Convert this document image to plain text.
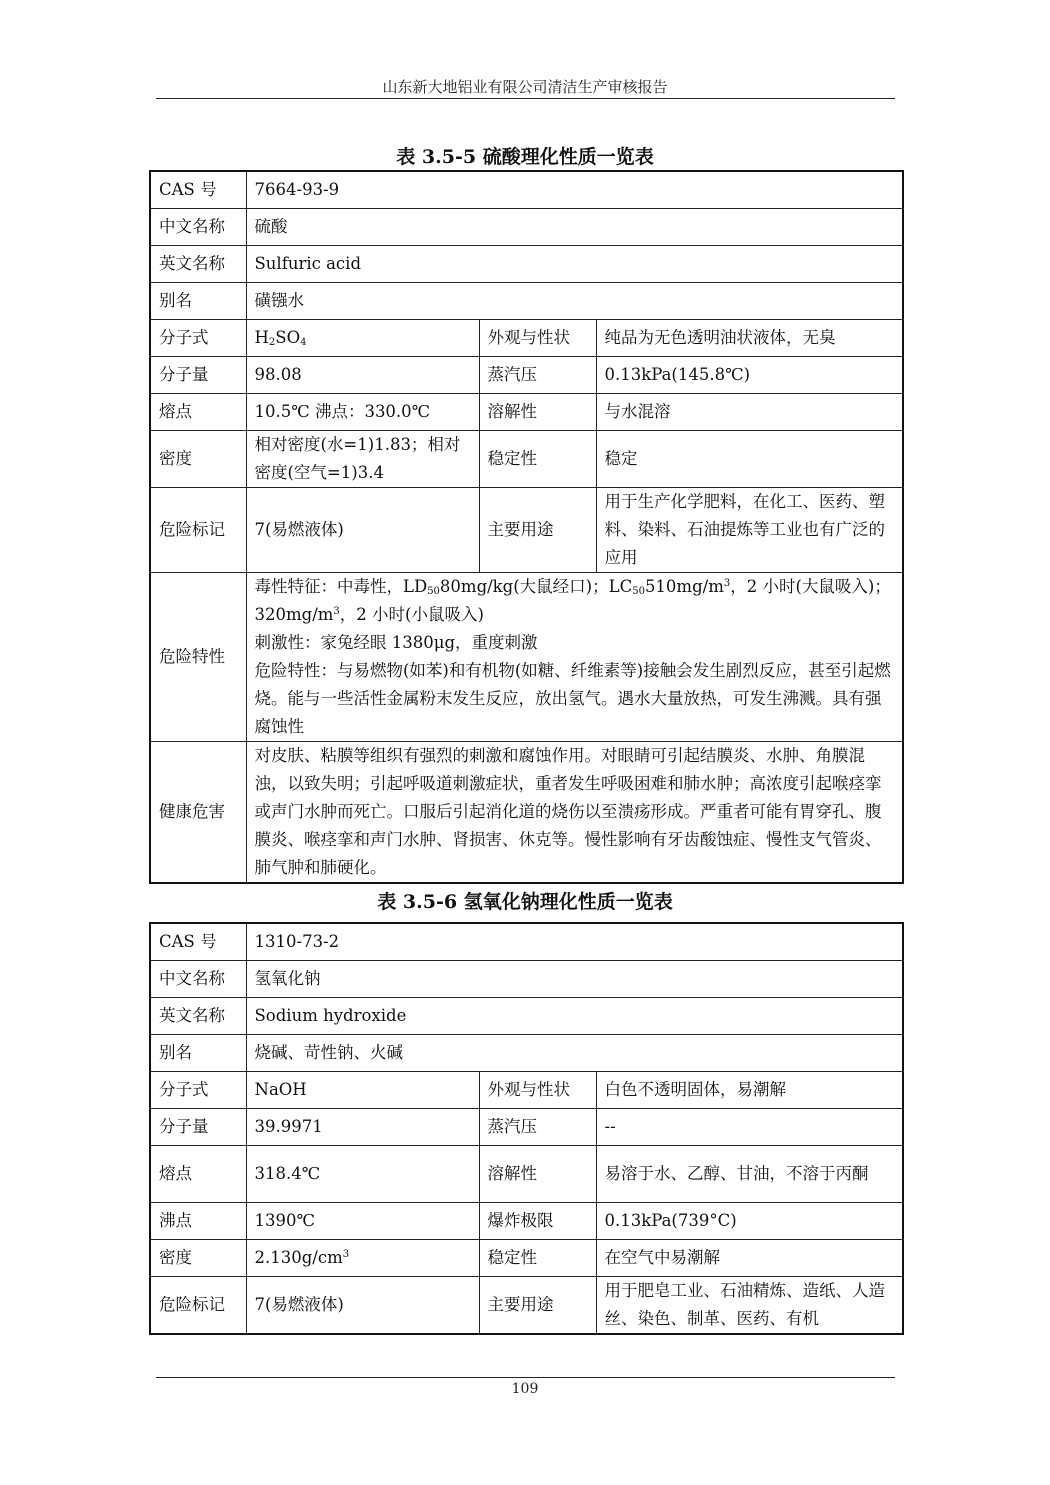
山东新大地铝业有限公司清洁生产审核报告
表 3.5-5 硫酸理化性质一览表
CAS 号	7664-93-9		
中文名称	硫酸		
英文名称	Sulfuric acid		
别名	磺镪水		
分子式	$H_2SO_4$	外观与性状	纯品为无色透明油状液体，无臭
分子量	98.08	蒸汽压	0.13kPa(145.8℃)
熔点	10.5℃ 沸点：330.0℃	溶解性	与水混溶
密度	相对密度(水=1)1.83；相对密度(空气=1)3.4	稳定性	稳定
危险标记	7(易燃液体)	主要用途	用于生产化学肥料，在化工、医药、塑料、染料、石油提炼等工业也有广泛的应用
危险特性	毒性特征：中毒性，$LD_{50}80mg/kg$(大鼠经口)；$LC_{50}510mg/m^3$，2 小时(大鼠吸入)；$320mg/m^3$，2 小时(小鼠吸入)
刺激性：家兔经眼 1380μg，重度刺激
危险特性：与易燃物(如苯)和有机物(如糖、纤维素等)接触会发生剧烈反应，甚至引起燃烧。能与一些活性金属粉末发生反应，放出氢气。遇水大量放热，可发生沸溅。具有强腐蚀性		

健康危害	对皮肤、粘膜等组织有强烈的刺激和腐蚀作用。对眼睛可引起结膜炎、水肿、角膜混浊，以致失明；引起呼吸道刺激症状，重者发生呼吸困难和肺水肿；高浓度引起喉痉挛或声门水肿而死亡。口服后引起消化道的烧伤以至溃疡形成。严重者可能有胃穿孔、腹膜炎、喉痉挛和声门水肿、肾损害、休克等。慢性影响有牙齿酸蚀症、慢性支气管炎、肺气肿和肺硬化。		
表 3.5-6 氢氧化钠理化性质一览表
CAS 号	1310-73-2		
中文名称	氢氧化钠		
英文名称	Sodium hydroxide		
别名	烧碱、苛性钠、火碱		
分子式	NaOH	外观与性状	白色不透明固体，易潮解
分子量	39.9971	蒸汽压	--
熔点	318.4℃	溶解性	易溶于水、乙醇、甘油，不溶于丙酮
沸点	1390℃	爆炸极限	0.13kPa(739°C)
密度	$2.130g/cm^3$	稳定性	在空气中易潮解
危险标记	7(易燃液体)	主要用途	用于肥皂工业、石油精炼、造纸、人造丝、染色、制革、医药、有机
109
